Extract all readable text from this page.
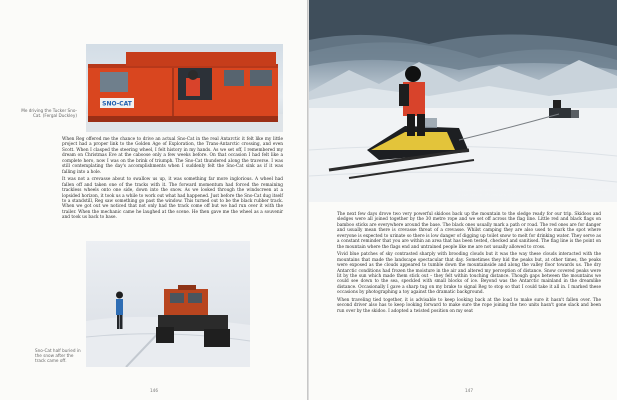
Me driving the Tucker Sno-Cat. (Fergal Duckley)
SNO-CAT

When Reg offered me the chance to drive an actual Sno-Cat in the real Antarctic it felt like my little project had a proper link to the Golden Age of Exploration, the Trans-Antarctic crossing, and even Scott. When I clasped the steering wheel, I felt history in my hands. As we set off, I remembered my dream on Christmas Eve at the caboose only a few weeks before. On that occasion I had felt like a complete hero, now I was on the brink of triumph. The Sno-Cat thundered along the traverse. I was still contemplating the day's accomplishments when I suddenly felt the Sno-Cat sink as if it was falling into a hole.

It was not a crevasse about to swallow us up, it was something far more inglorious. A wheel had fallen off and taken one of the tracks with it. The forward momentum had forced the remaining trackless wheels onto one side, down into the snow. As we looked through the windscreen at a lopsided horizon, it took us a while to work out what had happened. Just before the Sno-Cat dug itself to a standstill, Reg saw something go past the window. This turned out to be the black rubber track. When we got out we noticed that not only had the track come off but we had run over it with the trailer. When the mechanic came he laughed at the scene. He then gave me the wheel as a souvenir and took us back to base.

Sno-Cat half buried in the snow after the track came off.
146
Driving the good old Ski-Doo. Every skidoo, from a Tripod mounted on the back of the skidoo. (Fergal Duckley)

The next few days drove two very powerful skidoos back up the mountain to the sledge ready for our trip. Skidoos and sledges were all joined together by the 30 metre rope and we set off across the flag line. Little red and black flags on bamboo sticks are everywhere around the base. The black ones usually mark a path or road. The red ones are for danger and usually mean there is crevasse threat of a crevasse. Whilst camping they are also used to mark the spot where everyone is expected to urinate so there is low danger of digging up toilet snow to melt for drinking water. They serve as a constant reminder that you are within an area that has been tested, checked and sanitised. The flag line is the point on the mountain where the flags end and untrained people like me are not usually allowed to cross.

Vivid blue patches of sky contrasted sharply with brooding clouds but it was the way these clouds interacted with the mountains that made the landscape spectacular that day. Sometimes they hid the peaks but, at other times, the peaks were exposed as the clouds appeared to tumble down the mountainside and along the valley floor towards us. The dry Antarctic conditions had frozen the moisture in the air and altered my perception of distance. Snow covered peaks were lit by the sun which made them stick out – they felt within touching distance. Though gaps between the mountains we could see down to the sea, speckled with small blocks of ice. Beyond was the Antarctic mainland in the dreamlike distance. Occasionally I gave a sharp tug on my brake to signal Reg to stop so that I could take it all in. I marked these occasions by photographing a toy against the dramatic background.

When traveling tied together, it is advisable to keep looking back at the load to make sure it hasn't fallen over. The second driver also has to keep looking forward to make sure the rope joining the two units hasn't gone slack and been run over by the skidoo. I adopted a twisted position on my seat

147
